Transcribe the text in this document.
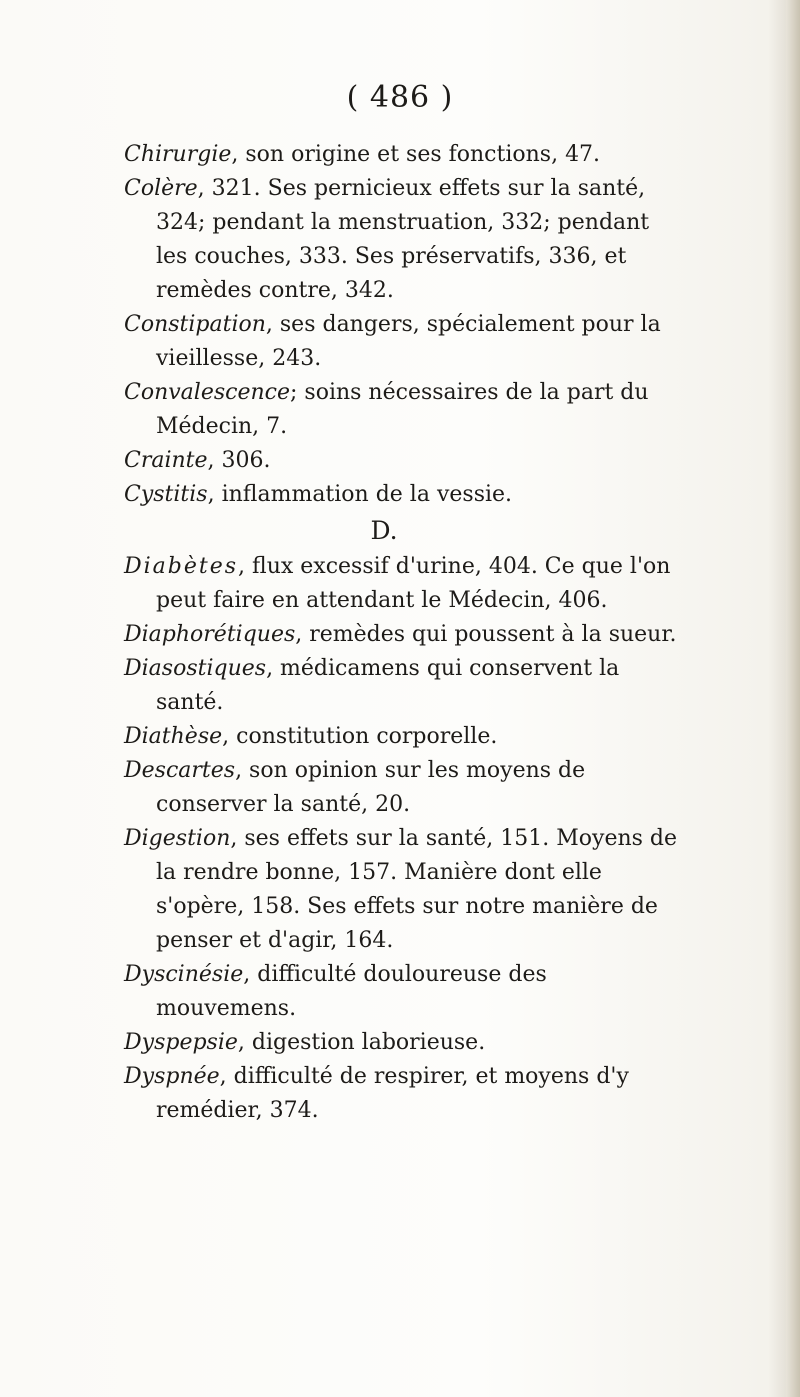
( 486 )

Chirurgie, son origine et ses fonctions, 47.

Colère, 321. Ses pernicieux effets sur la santé, 324; pendant la menstruation, 332; pendant les couches, 333. Ses préservatifs, 336, et remèdes contre, 342.

Constipation, ses dangers, spécialement pour la vieillesse, 243.

Convalescence; soins nécessaires de la part du Médecin, 7.

Crainte, 306.

Cystitis, inflammation de la vessie.

D.

Diabètes, flux excessif d'urine, 404. Ce que l'on peut faire en attendant le Médecin, 406.

Diaphorétiques, remèdes qui poussent à la sueur.

Diasostiques, médicamens qui conservent la santé.

Diathèse, constitution corporelle.

Descartes, son opinion sur les moyens de conserver la santé, 20.

Digestion, ses effets sur la santé, 151. Moyens de la rendre bonne, 157. Manière dont elle s'opère, 158. Ses effets sur notre manière de penser et d'agir, 164.

Dyscinésie, difficulté douloureuse des mouvemens.

Dyspepsie, digestion laborieuse.

Dyspnée, difficulté de respirer, et moyens d'y remédier, 374.
